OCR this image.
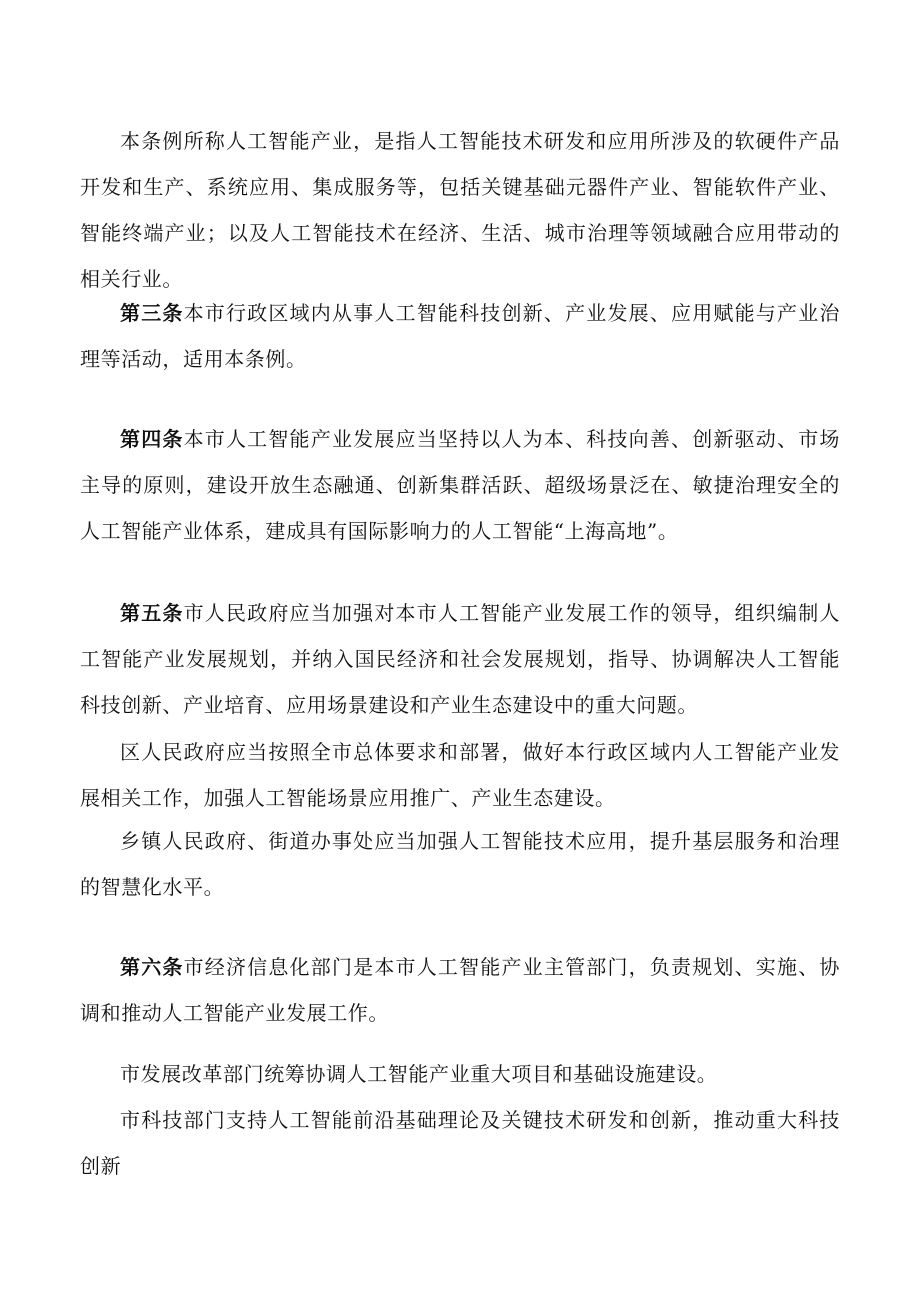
本条例所称人工智能产业，是指人工智能技术研发和应用所涉及的软硬件产品开发和生产、系统应用、集成服务等，包括关键基础元器件产业、智能软件产业、智能终端产业；以及人工智能技术在经济、生活、城市治理等领域融合应用带动的相关行业。

第三条本市行政区域内从事人工智能科技创新、产业发展、应用赋能与产业治理等活动，适用本条例。

第四条本市人工智能产业发展应当坚持以人为本、科技向善、创新驱动、市场主导的原则，建设开放生态融通、创新集群活跃、超级场景泛在、敏捷治理安全的人工智能产业体系，建成具有国际影响力的人工智能“上海高地”。

第五条市人民政府应当加强对本市人工智能产业发展工作的领导，组织编制人工智能产业发展规划，并纳入国民经济和社会发展规划，指导、协调解决人工智能科技创新、产业培育、应用场景建设和产业生态建设中的重大问题。

区人民政府应当按照全市总体要求和部署，做好本行政区域内人工智能产业发展相关工作，加强人工智能场景应用推广、产业生态建设。

乡镇人民政府、街道办事处应当加强人工智能技术应用，提升基层服务和治理的智慧化水平。

第六条市经济信息化部门是本市人工智能产业主管部门，负责规划、实施、协调和推动人工智能产业发展工作。

市发展改革部门统筹协调人工智能产业重大项目和基础设施建设。

市科技部门支持人工智能前沿基础理论及关键技术研发和创新，推动重大科技创新
